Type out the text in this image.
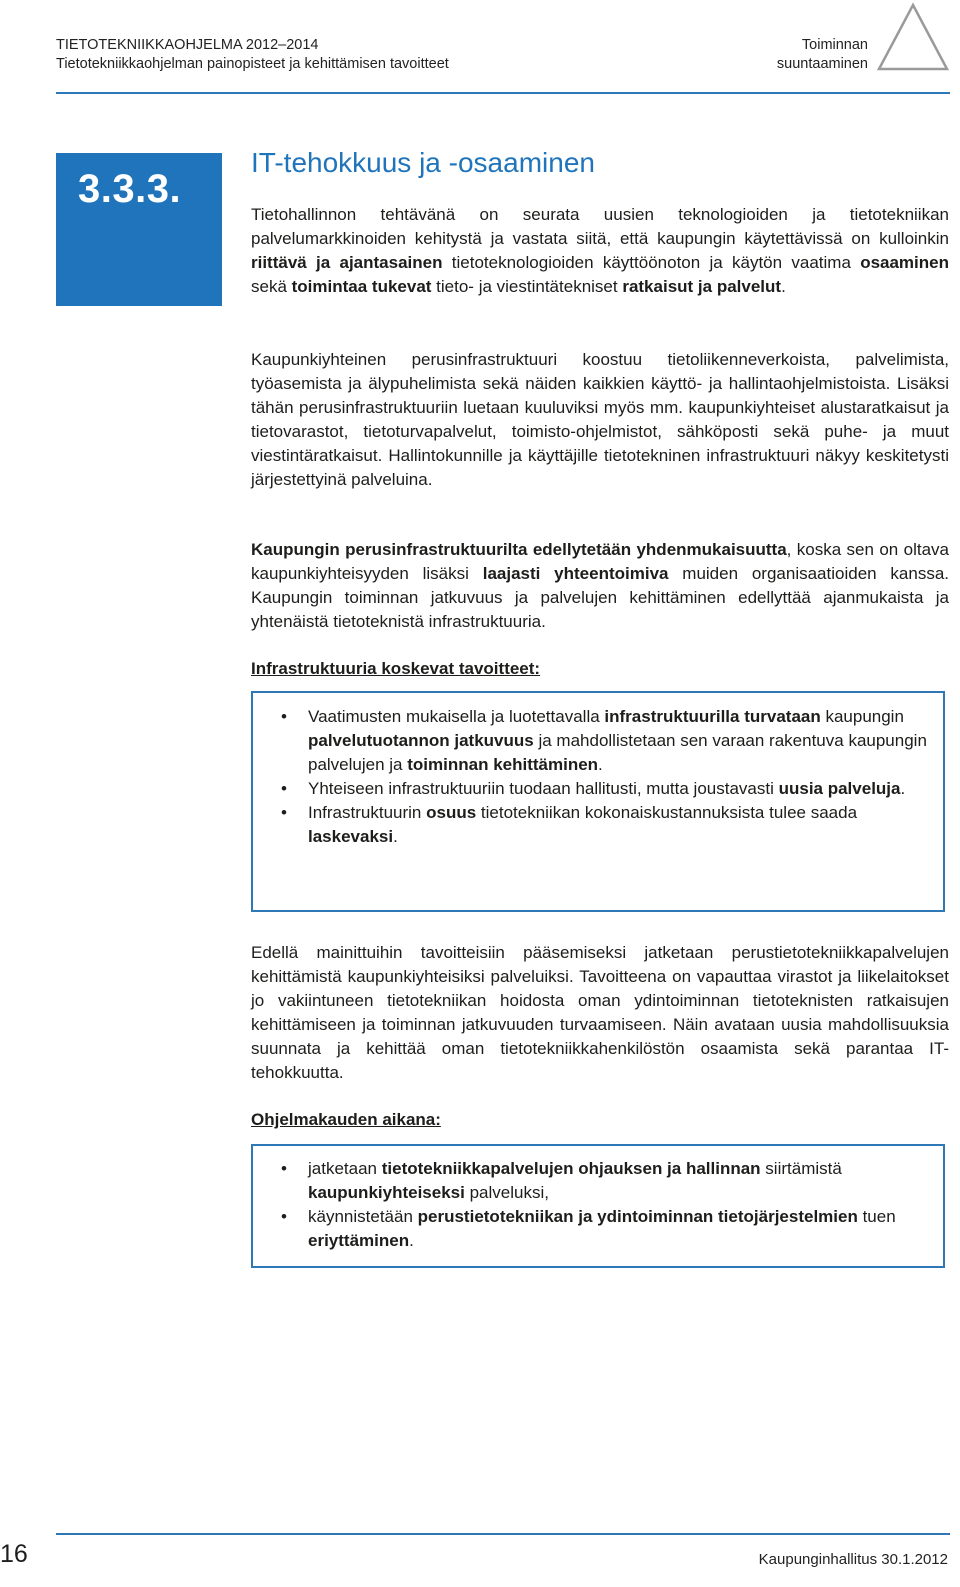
TIETOTEKNIIKKAOHJELMA 2012–2014
Tietotekniikkaohjelman painopisteet ja kehittämisen tavoitteet
Toiminnan
suuntaaminen
3.3.3.
IT-tehokkuus ja -osaaminen

Tietohallinnon tehtävänä on seurata uusien teknologioiden ja tietotekniikan palvelumarkkinoiden kehitystä ja vastata siitä, että kaupungin käytettävissä on kulloinkin riittävä ja ajantasainen tietoteknologioiden käyttöönoton ja käytön vaatima osaaminen sekä toimintaa tukevat tieto- ja viestintätekniset ratkaisut ja palvelut.

Kaupunkiyhteinen perusinfrastruktuuri koostuu tietoliikenneverkoista, palvelimista, työasemista ja älypuhelimista sekä näiden kaikkien käyttö- ja hallintaohjelmistoista. Lisäksi tähän perusinfrastruktuuriin luetaan kuuluviksi myös mm. kaupunkiyhteiset alustaratkaisut ja tietovarastot, tietoturvapalvelut, toimisto-ohjelmistot, sähköposti sekä puhe- ja muut viestintäratkaisut. Hallintokunnille ja käyttäjille tietotekninen infrastruktuuri näkyy keskitetysti järjestettyinä palveluina.

Kaupungin perusinfrastruktuurilta edellytetään yhdenmukaisuutta, koska sen on oltava kaupunkiyhteisyyden lisäksi laajasti yhteentoimiva muiden organisaatioiden kanssa. Kaupungin toiminnan jatkuvuus ja palvelujen kehittäminen edellyttää ajanmukaista ja yhtenäistä tietoteknistä infrastruktuuria.

Infrastruktuuria koskevat tavoitteet:
• Vaatimusten mukaisella ja luotettavalla infrastruktuurilla turvataan kaupungin palvelutuotannon jatkuvuus ja mahdollistetaan sen varaan rakentuva kaupungin palvelujen ja toiminnan kehittäminen.
• Yhteiseen infrastruktuuriin tuodaan hallitusti, mutta joustavasti uusia palveluja.
• Infrastruktuurin osuus tietotekniikan kokonaiskustannuksista tulee saada laskevaksi.

Edellä mainittuihin tavoitteisiin pääsemiseksi jatketaan perustietotekniikkapalvelujen kehittämistä kaupunkiyhteisiksi palveluiksi. Tavoitteena on vapauttaa virastot ja liikelaitokset jo vakiintuneen tietotekniikan hoidosta oman ydintoiminnan tietoteknisten ratkaisujen kehittämiseen ja toiminnan jatkuvuuden turvaamiseen. Näin avataan uusia mahdollisuuksia suunnata ja kehittää oman tietotekniikkahenkilöstön osaamista sekä parantaa IT-tehokkuutta.

Ohjelmakauden aikana:
• jatketaan tietotekniikkapalvelujen ohjauksen ja hallinnan siirtämistä kaupunkiyhteiseksi palveluksi,
• käynnistetään perustietotekniikan ja ydintoiminnan tietojärjestelmien tuen eriyttäminen.
16	Kaupunginhallitus 30.1.2012
